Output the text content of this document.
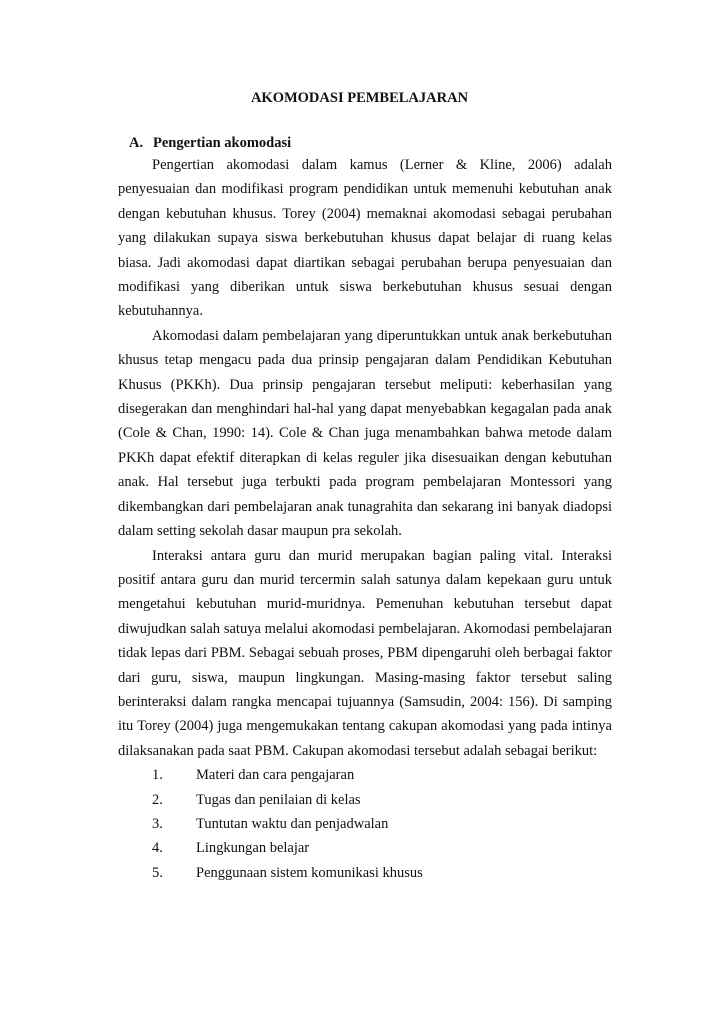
AKOMODASI PEMBELAJARAN
A. Pengertian akomodasi

Pengertian akomodasi dalam kamus (Lerner & Kline, 2006) adalah penyesuaian dan modifikasi program pendidikan untuk memenuhi kebutuhan anak dengan kebutuhan khusus. Torey (2004) memaknai akomodasi sebagai perubahan yang dilakukan supaya siswa berkebutuhan khusus dapat belajar di ruang kelas biasa. Jadi akomodasi dapat diartikan sebagai perubahan berupa penyesuaian dan modifikasi yang diberikan untuk siswa berkebutuhan khusus sesuai dengan kebutuhannya.

Akomodasi dalam pembelajaran yang diperuntukkan untuk anak berkebutuhan khusus tetap mengacu pada dua prinsip pengajaran dalam Pendidikan Kebutuhan Khusus (PKKh). Dua prinsip pengajaran tersebut meliputi: keberhasilan yang disegerakan dan menghindari hal-hal yang dapat menyebabkan kegagalan pada anak (Cole & Chan, 1990: 14). Cole & Chan juga menambahkan bahwa metode dalam PKKh dapat efektif diterapkan di kelas reguler jika disesuaikan dengan kebutuhan anak. Hal tersebut juga terbukti pada program pembelajaran Montessori yang dikembangkan dari pembelajaran anak tunagrahita dan sekarang ini banyak diadopsi dalam setting sekolah dasar maupun pra sekolah.

Interaksi antara guru dan murid merupakan bagian paling vital. Interaksi positif antara guru dan murid tercermin salah satunya dalam kepekaan guru untuk mengetahui kebutuhan murid-muridnya. Pemenuhan kebutuhan tersebut dapat diwujudkan salah satuya melalui akomodasi pembelajaran. Akomodasi pembelajaran tidak lepas dari PBM. Sebagai sebuah proses, PBM dipengaruhi oleh berbagai faktor dari guru, siswa, maupun lingkungan. Masing-masing faktor tersebut saling berinteraksi dalam rangka mencapai tujuannya (Samsudin, 2004: 156). Di samping itu Torey (2004) juga mengemukakan tentang cakupan akomodasi yang pada intinya dilaksanakan pada saat PBM. Cakupan akomodasi tersebut adalah sebagai berikut:

1. Materi dan cara pengajaran
2. Tugas dan penilaian di kelas
3. Tuntutan waktu dan penjadwalan
4. Lingkungan belajar
5. Penggunaan sistem komunikasi khusus
